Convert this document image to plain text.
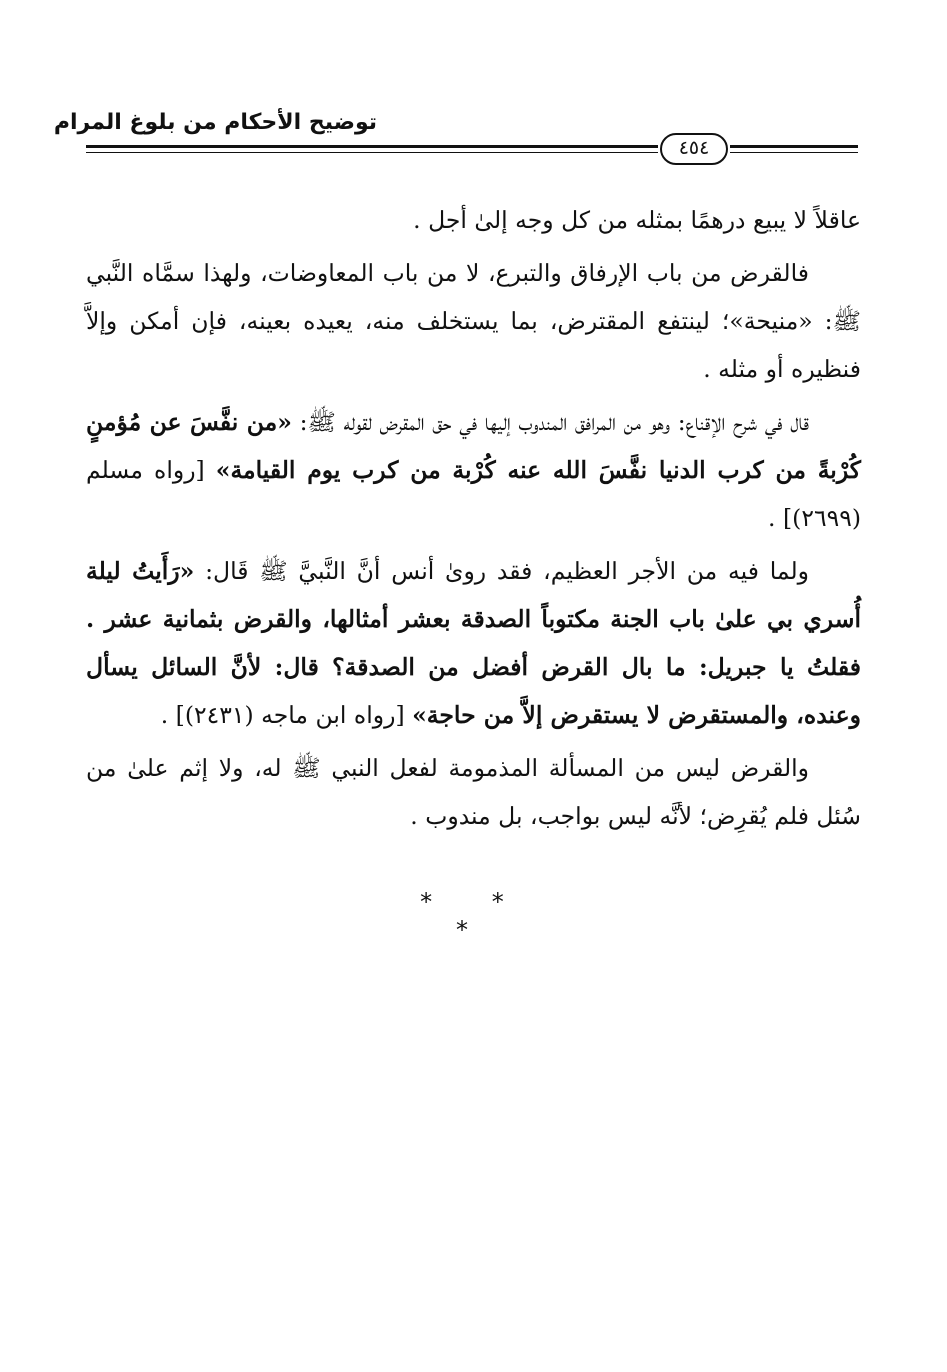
توضيح الأحكام من بلوغ المرام
٤٥٤

عاقلاً لا يبيع درهمًا بمثله من كل وجه إلىٰ أجل .

فالقرض من باب الإرفاق والتبرع، لا من باب المعاوضات، ولهذا سمَّاه النَّبي ﷺ: «منيحة»؛ لينتفع المقترض، بما يستخلف منه، يعيده بعينه، فإن أمكن وإلاَّ فنظيره أو مثله .

قال في شرح الإقناع: وهو من المرافق المندوب إليها في حق المقرض لقوله ﷺ: «من نفَّسَ عن مُؤمنٍ كُرْبةً من كرب الدنيا نفَّسَ الله عنه كُرْبة من كرب يوم القيامة» [رواه مسلم (٢٦٩٩)] .

ولما فيه من الأجر العظيم، فقد روىٰ أنس أنَّ النَّبيَّ ﷺ قَال: «رَأَيتُ ليلة أُسري بي علىٰ باب الجنة مكتوباً الصدقة بعشر أمثالها، والقرض بثمانية عشر . فقلتُ يا جبريل: ما بال القرض أفضل من الصدقة؟ قال: لأنَّ السائل يسأل وعنده، والمستقرض لا يستقرض إلاَّ من حاجة» [رواه ابن ماجه (٢٤٣١)] .

والقرض ليس من المسألة المذمومة لفعل النبي ﷺ له، ولا إثم علىٰ من سُئل فلم يُقرِض؛ لأنَّه ليس بواجب، بل مندوب .

* * *
